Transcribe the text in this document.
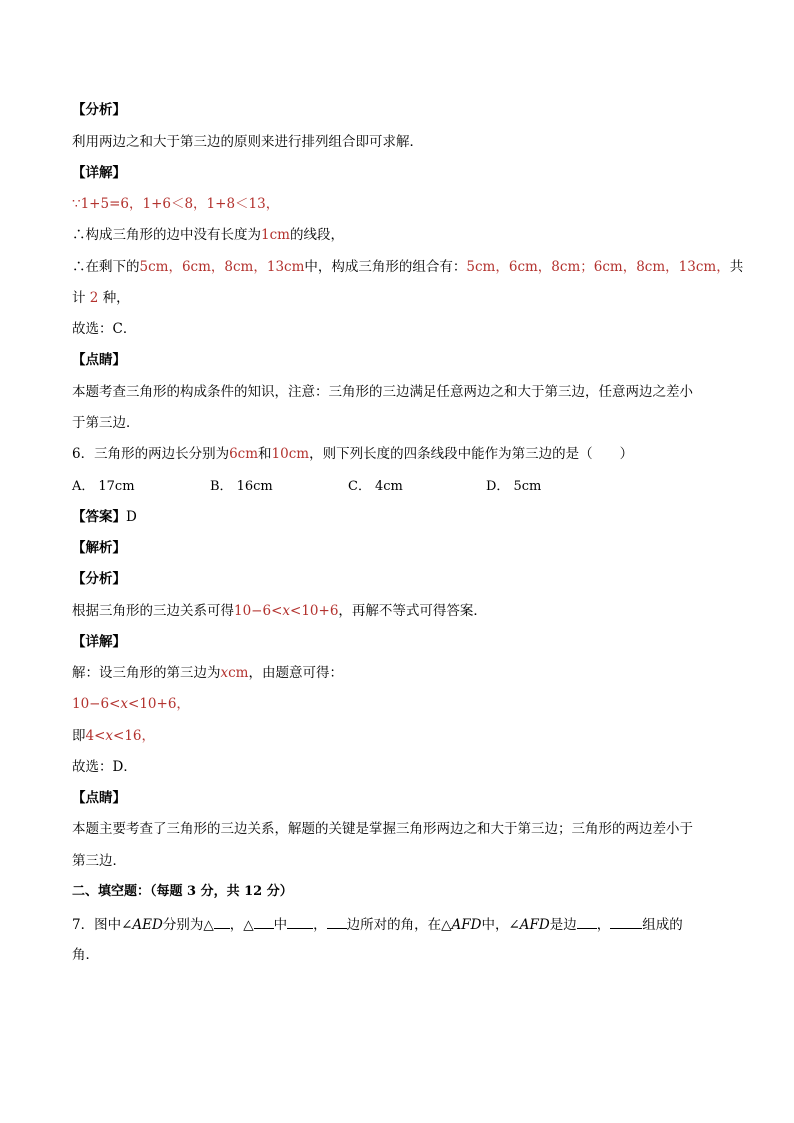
【分析】
利用两边之和大于第三边的原则来进行排列组合即可求解．
【详解】
∵1+5=6，1+6＜8，1+8＜13，
∴构成三角形的边中没有长度为1cm的线段，
∴在剩下的5cm，6cm，8cm，13cm中，构成三角形的组合有：5cm，6cm，8cm；6cm，8cm，13cm，共
计 2 种，
故选：C．
【点睛】
本题考查三角形的构成条件的知识，注意：三角形的三边满足任意两边之和大于第三边，任意两边之差小
于第三边．
6．三角形的两边长分别为6cm和10cm，则下列长度的四条线段中能作为第三边的是（　　）
A． 17cm	B． 16cm	C． 4cm	D． 5cm
【答案】D
【解析】
【分析】
根据三角形的三边关系可得10−6<x<10+6，再解不等式可得答案．
【详解】
解：设三角形的第三边为xcm，由题意可得：
10−6<x<10+6，
即4<x<16，
故选：D．
【点睛】
本题主要考查了三角形的三边关系，解题的关键是掌握三角形两边之和大于第三边；三角形的两边差小于
第三边．
二、填空题：（每题 3 分，共 12 分）
7．图中∠AED分别为△ ，△ 中 ， 边所对的角，在△AFD中，∠AFD是边 ， 组成的
角．
